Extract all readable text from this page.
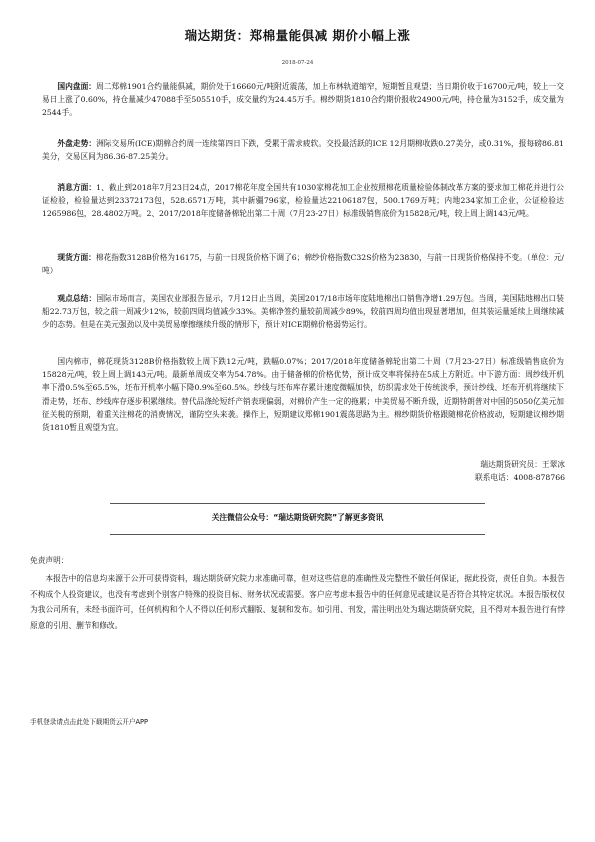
瑞达期货：郑棉量能俱减 期价小幅上涨
2018-07-24

国内盘面：周二郑棉1901合约量能俱减，期价处于16660元/吨附近震荡，加上布林轨道缩窄，短期暂且观望；当日期价收于16700元/吨，较上一交易日上涨了0.60%，持仓量减少47088手至505510手，成交量约为24.45万手。棉纱期货1810合约期价报收24900元/吨，持仓量为3152手，成交量为2544手。

外盘走势：洲际交易所(ICE)期棉合约周一连续第四日下跌，受累于需求疲软。交投最活跃的ICE 12月期棉收跌0.27美分，或0.31%，报每磅86.81美分，交易区间为86.36-87.25美分。

消息方面：1、截止到2018年7月23日24点，2017棉花年度全国共有1030家棉花加工企业按照棉花质量检验体制改革方案的要求加工棉花并进行公证检验，检验量达到23372173包，528.6571万吨，其中新疆796家，检验量达22106187包，500.1769万吨；内地234家加工企业，公证检验达1265986包，28.4802万吨。2、2017/2018年度储备棉轮出第二十周（7月23-27日）标准级销售底价为15828元/吨，较上周上调143元/吨。

现货方面：棉花指数3128B价格为16175，与前一日现货价格下调了6；棉纱价格指数C32S价格为23830，与前一日现货价格保持不变。（单位：元/吨）

观点总结：国际市场而言，美国农业部报告显示，7月12日止当周，美国2017/18市场年度陆地棉出口销售净增1.29万包。当周，美国陆地棉出口装船22.73万包，较之前一周减少12%，较前四周均值减少33%。美棉净签约量较前周减少89%，较前四周均值出现显著增加，但其装运量延续上周继续减少的态势。但是在美元强劲以及中美贸易摩擦继续升级的情形下，预计对ICE期棉价格弱势运行。

国内棉市，棉花现货3128B价格指数较上周下跌12元/吨，跌幅0.07%；2017/2018年度储备棉轮出第二十周（7月23-27日）标准级销售底价为15828元/吨，较上周上调143元/吨。最新单周成交率为54.78%。由于储备棉的价格优势，预计成交率将保持在5成上方附近。中下游方面：周纱线开机率下滑0.5%至65.5%，坯布开机率小幅下降0.9%至60.5%。纱线与坯布库存累计速度微幅加快，纺织需求处于传统淡季，预计纱线、坯布开机将继续下滑走势，坯布、纱线库存逐步积累继续。替代品涤纶短纤产销表现偏弱，对棉价产生一定的拖累；中美贸易不断升级，近期特朗普对中国的5050亿美元加征关税的预期，着重关注棉花的消费情况，谨防空头来袭。操作上，短期建议郑棉1901震荡思路为主。棉纱期货价格跟随棉花价格波动，短期建议棉纱期货1810暂且观望为宜。

瑞达期货研究员：王翠冰
联系电话：4008-878766
关注微信公众号：“瑞达期货研究院”了解更多资讯
免责声明：

本报告中的信息均来源于公开可获得资料，瑞达期货研究院力求准确可靠，但对这些信息的准确性及完整性不做任何保证，据此投资，责任自负。本报告不构成个人投资建议，也没有考虑到个别客户特殊的投资目标、财务状况或需要。客户应考虑本报告中的任何意见或建议是否符合其特定状况。本报告版权仅为我公司所有，未经书面许可，任何机构和个人不得以任何形式翻版、复制和发布。如引用、刊发，需注明出处为瑞达期货研究院，且不得对本报告进行有悖原意的引用、删节和修改。

手机登录请点击此处下载期货云开户APP
